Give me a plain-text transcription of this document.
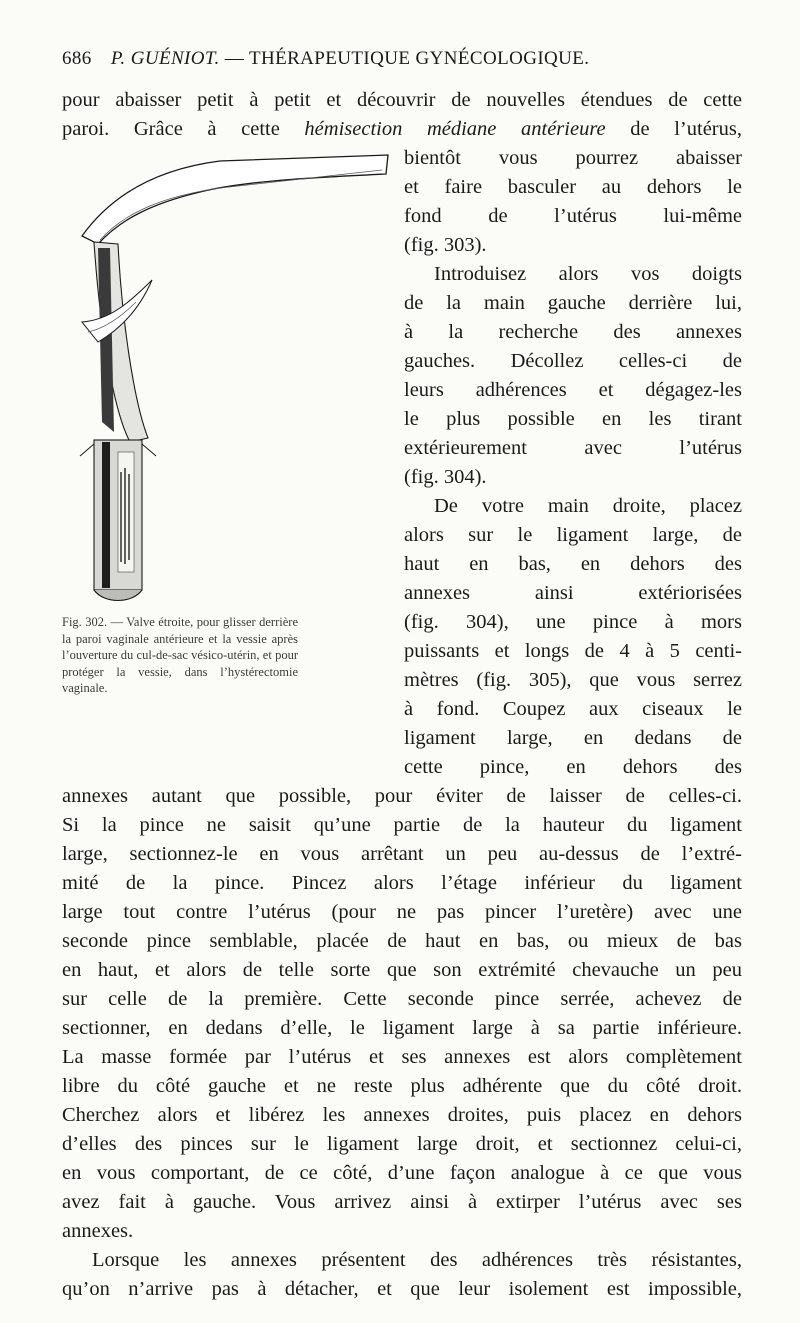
686 P. GUÉNIOT. — THÉRAPEUTIQUE GYNÉCOLOGIQUE.

pour abaisser petit à petit et découvrir de nouvelles étendues de cette

paroi. Grâce à cette hémisection médiane antérieure de l’utérus,

Fig. 302. — Valve étroite, pour glisser derrière la paroi vaginale antérieure et la vessie après l’ouverture du cul-de-sac vésico-utérin, et pour protéger la vessie, dans l’hystérectomie vaginale.

bientôt vous pourrez abaisser

et faire basculer au dehors le

fond de l’utérus lui-même

(fig. 303).

Introduisez alors vos doigts

de la main gauche derrière lui,

à la recherche des annexes

gauches. Décollez celles-ci de

leurs adhérences et dégagez-les

le plus possible en les tirant

extérieurement avec l’utérus

(fig. 304).

De votre main droite, placez

alors sur le ligament large, de

haut en bas, en dehors des

annexes ainsi extériorisées

(fig. 304), une pince à mors

puissants et longs de 4 à 5 centi-

mètres (fig. 305), que vous serrez

à fond. Coupez aux ciseaux le

ligament large, en dedans de

cette pince, en dehors des

annexes autant que possible, pour éviter de laisser de celles-ci.

Si la pince ne saisit qu’une partie de la hauteur du ligament

large, sectionnez-le en vous arrêtant un peu au-dessus de l’extré-

mité de la pince. Pincez alors l’étage inférieur du ligament

large tout contre l’utérus (pour ne pas pincer l’uretère) avec une

seconde pince semblable, placée de haut en bas, ou mieux de bas

en haut, et alors de telle sorte que son extrémité chevauche un peu

sur celle de la première. Cette seconde pince serrée, achevez de

sectionner, en dedans d’elle, le ligament large à sa partie inférieure.

La masse formée par l’utérus et ses annexes est alors complètement

libre du côté gauche et ne reste plus adhérente que du côté droit.

Cherchez alors et libérez les annexes droites, puis placez en dehors

d’elles des pinces sur le ligament large droit, et sectionnez celui-ci,

en vous comportant, de ce côté, d’une façon analogue à ce que vous

avez fait à gauche. Vous arrivez ainsi à extirper l’utérus avec ses

annexes.

Lorsque les annexes présentent des adhérences très résistantes,

qu’on n’arrive pas à détacher, et que leur isolement est impossible,
